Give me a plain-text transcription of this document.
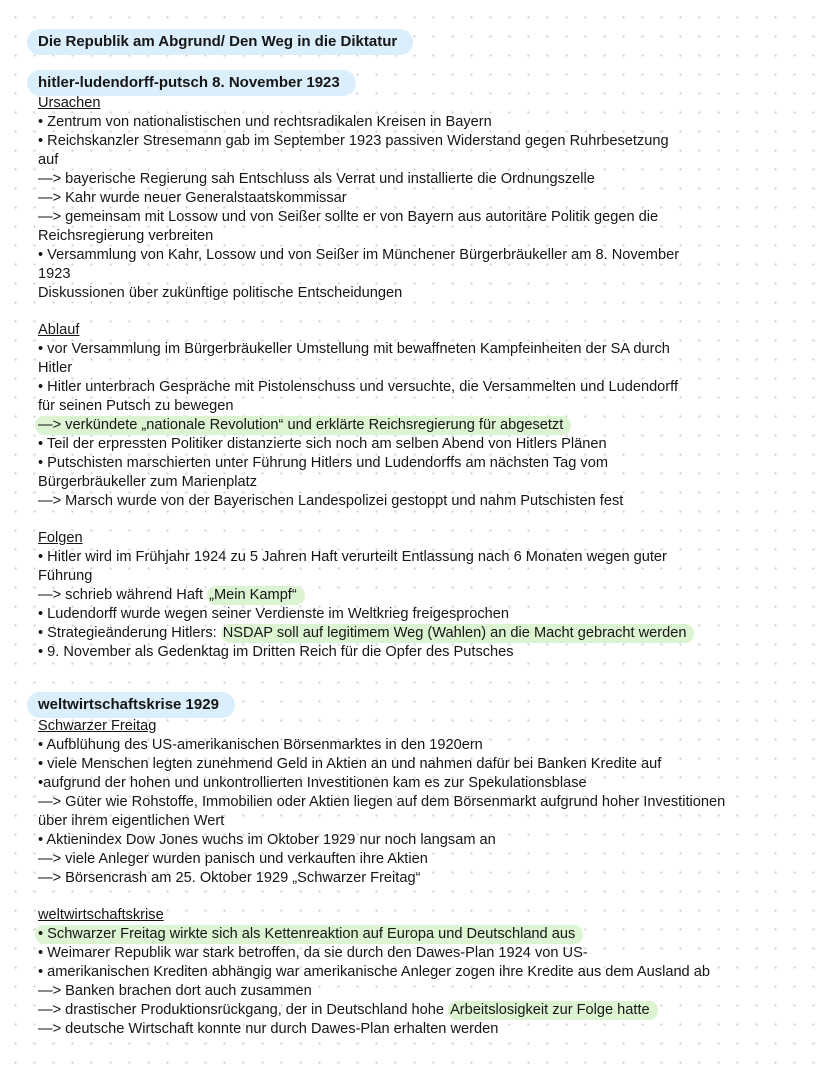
Die Republik am Abgrund/ Den Weg in die Diktatur
hitler-ludendorff-putsch 8. November 1923
Ursachen
• Zentrum von nationalistischen und rechtsradikalen Kreisen in Bayern
• Reichskanzler Stresemann gab im September 1923 passiven Widerstand gegen Ruhrbesetzung
auf
—> bayerische Regierung sah Entschluss als Verrat und installierte die Ordnungszelle
—> Kahr wurde neuer Generalstaatskommissar
—> gemeinsam mit Lossow und von Seißer sollte er von Bayern aus autoritäre Politik gegen die
Reichsregierung verbreiten
• Versammlung von Kahr, Lossow und von Seißer im Münchener Bürgerbräukeller am 8. November
1923
Diskussionen über zukünftige politische Entscheidungen
Ablauf
• vor Versammlung im Bürgerbräukeller Umstellung mit bewaffneten Kampfeinheiten der SA durch
Hitler
• Hitler unterbrach Gespräche mit Pistolenschuss und versuchte, die Versammelten und Ludendorff
für seinen Putsch zu bewegen
—> verkündete „nationale Revolution“ und erklärte Reichsregierung für abgesetzt
• Teil der erpressten Politiker distanzierte sich noch am selben Abend von Hitlers Plänen
• Putschisten marschierten unter Führung Hitlers und Ludendorffs am nächsten Tag vom
Bürgerbräukeller zum Marienplatz
—> Marsch wurde von der Bayerischen Landespolizei gestoppt und nahm Putschisten fest
Folgen
• Hitler wird im Frühjahr 1924 zu 5 Jahren Haft verurteilt Entlassung nach 6 Monaten wegen guter
Führung
—> schrieb während Haft „Mein Kampf“
• Ludendorff wurde wegen seiner Verdienste im Weltkrieg freigesprochen
• Strategieänderung Hitlers: NSDAP soll auf legitimem Weg (Wahlen) an die Macht gebracht werden
• 9. November als Gedenktag im Dritten Reich für die Opfer des Putsches
weltwirtschaftskrise 1929
Schwarzer Freitag
• Aufblühung des US-amerikanischen Börsenmarktes in den 1920ern
• viele Menschen legten zunehmend Geld in Aktien an und nahmen dafür bei Banken Kredite auf
•aufgrund der hohen und unkontrollierten Investitionen kam es zur Spekulationsblase
—> Güter wie Rohstoffe, Immobilien oder Aktien liegen auf dem Börsenmarkt aufgrund hoher Investitionen
über ihrem eigentlichen Wert
• Aktienindex Dow Jones wuchs im Oktober 1929 nur noch langsam an
—> viele Anleger wurden panisch und verkauften ihre Aktien
—> Börsencrash am 25. Oktober 1929 „Schwarzer Freitag“
weltwirtschaftskrise
• Schwarzer Freitag wirkte sich als Kettenreaktion auf Europa und Deutschland aus
• Weimarer Republik war stark betroffen, da sie durch den Dawes-Plan 1924 von US-
• amerikanischen Krediten abhängig war amerikanische Anleger zogen ihre Kredite aus dem Ausland ab
—> Banken brachen dort auch zusammen
—> drastischer Produktionsrückgang, der in Deutschland hohe Arbeitslosigkeit zur Folge hatte
—> deutsche Wirtschaft konnte nur durch Dawes-Plan erhalten werden
